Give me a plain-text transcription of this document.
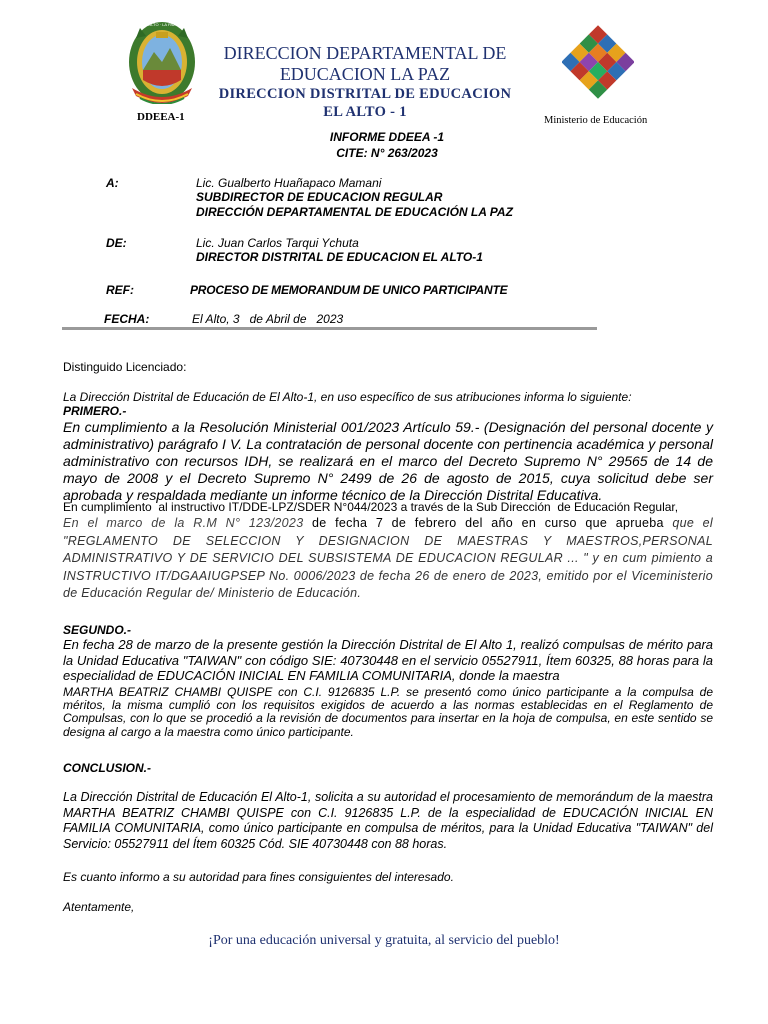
ALTO · LA PAZ
DDEEA-1
DIRECCION DEPARTAMENTAL DE
EDUCACION LA PAZ
DIRECCION DISTRITAL DE EDUCACION
EL ALTO - 1
Ministerio de Educación
INFORME DDEEA -1
CITE: N° 263/2023
A:	Lic. Gualberto Huañapaco Mamani
SUBDIRECTOR DE EDUCACION REGULAR
DIRECCIÓN DEPARTAMENTAL DE EDUCACIÓN LA PAZ
DE:	Lic. Juan Carlos Tarqui Ychuta
DIRECTOR DISTRITAL DE EDUCACION EL ALTO-1
REF:	PROCESO DE MEMORANDUM DE UNICO PARTICIPANTE
FECHA:	El Alto, 3   de Abril de   2023
Distinguido Licenciado:
La Dirección Distrital de Educación de El Alto-1, en uso específico de sus atribuciones informa lo siguiente:
PRIMERO.-
En cumplimiento a la Resolución Ministerial 001/2023 Artículo 59.- (Designación del personal docente y administrativo) parágrafo I V. La contratación de personal docente con pertinencia académica y personal administrativo con recursos IDH, se realizará en el marco del Decreto Supremo N° 29565 de 14 de mayo de 2008 y el Decreto Supremo N° 2499 de 26 de agosto de 2015, cuya solicitud debe ser aprobada y respaldada mediante un informe técnico de la Dirección Distrital Educativa.
En cumplimiento  al instructivo IT/DDE-LPZ/SDER N°044/2023 a través de la Sub Dirección  de Educación Regular,
En el marco de la R.M N° 123/2023 de fecha 7 de febrero del año en curso que aprueba que el "REGLAMENTO DE SELECCION Y DESIGNACION DE MAESTRAS Y MAESTROS,PERSONAL ADMINISTRATIVO Y DE SERVICIO DEL SUBSISTEMA DE EDUCACION REGULAR ... " y en cum pimiento a INSTRUCTIVO IT/DGAAIUGPSEP No. 0006/2023 de fecha 26 de enero de 2023, emitido por el Viceministerio de Educación Regular de/ Ministerio de Educación.
SEGUNDO.-
En fecha 28 de marzo de la presente gestión la Dirección Distrital de El Alto 1, realizó compulsas de mérito para la Unidad Educativa "TAIWAN" con código SIE: 40730448 en el servicio 05527911, Ítem 60325, 88 horas para la especialidad de EDUCACIÓN INICIAL EN FAMILIA COMUNITARIA, donde la maestra
MARTHA BEATRIZ CHAMBI QUISPE con C.I. 9126835 L.P. se presentó como único participante a la compulsa de méritos, la misma cumplió con los requisitos exigidos de acuerdo a las normas establecidas en el Reglamento de Compulsas, con lo que se procedió a la revisión de documentos para insertar en la hoja de compulsa, en este sentido se designa al cargo a la maestra como único participante.
CONCLUSION.-
La Dirección Distrital de Educación El Alto-1, solicita a su autoridad el procesamiento de memorándum de la maestra MARTHA BEATRIZ CHAMBI QUISPE con C.I. 9126835 L.P. de la especialidad de EDUCACIÓN INICIAL EN FAMILIA COMUNITARIA, como único participante en compulsa de méritos, para la Unidad Educativa "TAIWAN" del Servicio: 05527911 del Ítem 60325 Cód. SIE 40730448 con 88 horas.
Es cuanto informo a su autoridad para fines consiguientes del interesado.
Atentamente,
¡Por una educación universal y gratuita, al servicio del pueblo!
